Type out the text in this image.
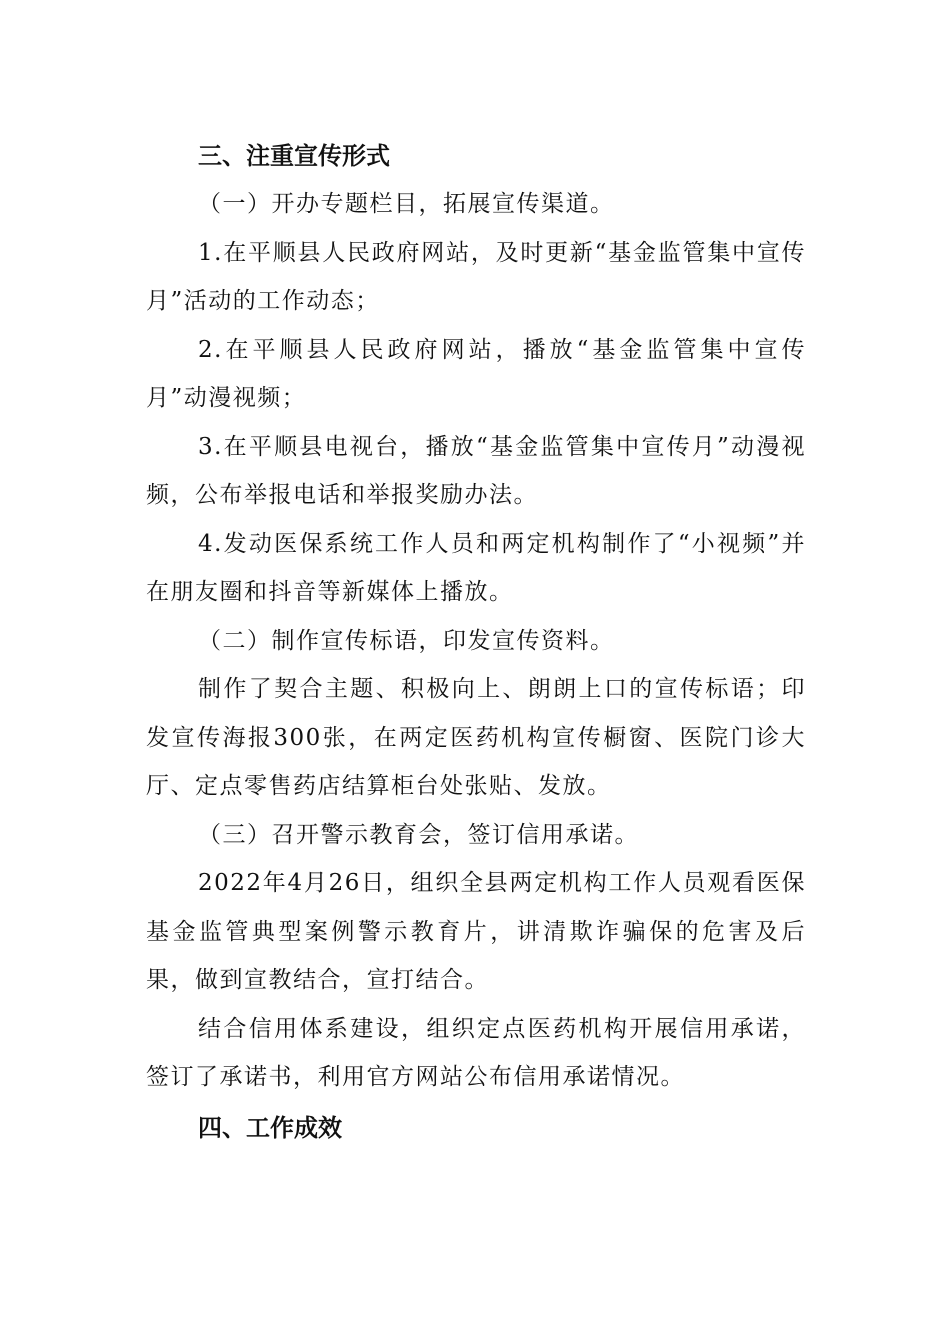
三、注重宣传形式

（一）开办专题栏目，拓展宣传渠道。

1.在平顺县人民政府网站，及时更新“基金监管集中宣传月”活动的工作动态；

2.在平顺县人民政府网站，播放“基金监管集中宣传月”动漫视频；

3.在平顺县电视台，播放“基金监管集中宣传月”动漫视频，公布举报电话和举报奖励办法。

4.发动医保系统工作人员和两定机构制作了“小视频”并在朋友圈和抖音等新媒体上播放。

（二）制作宣传标语，印发宣传资料。

制作了契合主题、积极向上、朗朗上口的宣传标语；印发宣传海报300张，在两定医药机构宣传橱窗、医院门诊大厅、定点零售药店结算柜台处张贴、发放。

（三）召开警示教育会，签订信用承诺。

2022年4月26日，组织全县两定机构工作人员观看医保基金监管典型案例警示教育片，讲清欺诈骗保的危害及后果，做到宣教结合，宣打结合。

结合信用体系建设，组织定点医药机构开展信用承诺，签订了承诺书，利用官方网站公布信用承诺情况。

四、工作成效
